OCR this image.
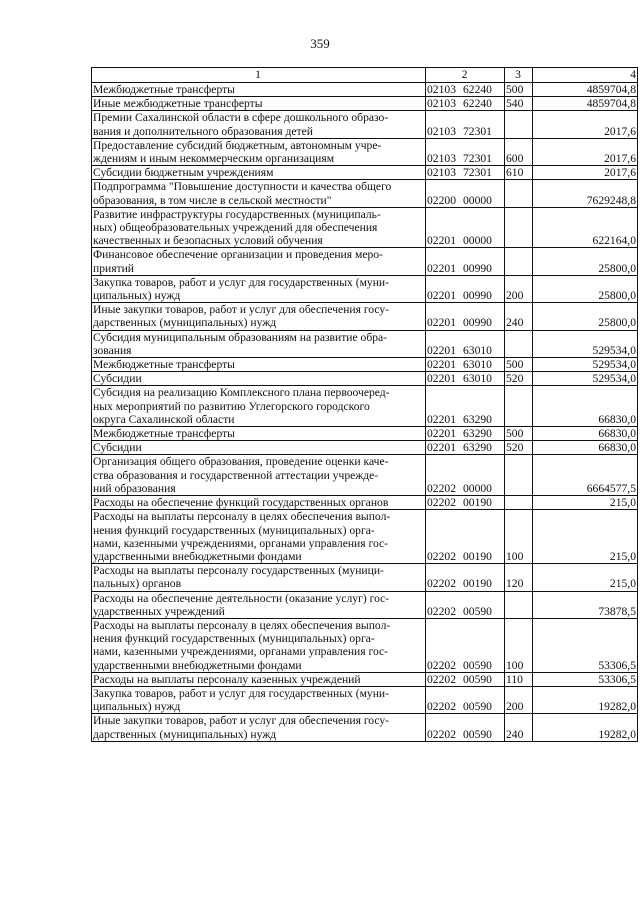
359
1	2	3	4

Межбюджетные трансферты	02103 62240	500	4859704,8

Иные межбюджетные трансферты	02103 62240	540	4859704,8

Премии Сахалинской области в сфере дошкольного образо-
вания и дополнительного образования детей	02103 72301		2017,6

Предоставление субсидий бюджетным, автономным учре-
ждениям и иным некоммерческим организациям	02103 72301	600	2017,6

Субсидии бюджетным учреждениям	02103 72301	610	2017,6

Подпрограмма "Повышение доступности и качества общего
образования, в том числе в сельской местности"	02200 00000		7629248,8

Развитие инфраструктуры государственных (муниципаль-
ных) общеобразовательных учреждений для обеспечения
качественных и безопасных условий обучения	02201 00000		622164,0

Финансовое обеспечение организации и проведения меро-
приятий	02201 00990		25800,0

Закупка товаров, работ и услуг для государственных (муни-
ципальных) нужд	02201 00990	200	25800,0

Иные закупки товаров, работ и услуг для обеспечения госу-
дарственных (муниципальных) нужд	02201 00990	240	25800,0

Субсидия муниципальным образованиям на развитие обра-
зования	02201 63010		529534,0

Межбюджетные трансферты	02201 63010	500	529534,0

Субсидии	02201 63010	520	529534,0

Субсидия на реализацию Комплексного плана первоочеред-
ных мероприятий по развитию Углегорского городского
округа Сахалинской области	02201 63290		66830,0

Межбюджетные трансферты	02201 63290	500	66830,0

Субсидии	02201 63290	520	66830,0

Организация общего образования, проведение оценки каче-
ства образования и государственной аттестации учрежде-
ний образования	02202 00000		6664577,5

Расходы на обеспечение функций государственных органов	02202 00190		215,0

Расходы на выплаты персоналу в целях обеспечения выпол-
нения функций государственных (муниципальных) орга-
нами, казенными учреждениями, органами управления гос-
ударственными внебюджетными фондами	02202 00190	100	215,0

Расходы на выплаты персоналу государственных (муници-
пальных) органов	02202 00190	120	215,0

Расходы на обеспечение деятельности (оказание услуг) гос-
ударственных учреждений	02202 00590		73878,5

Расходы на выплаты персоналу в целях обеспечения выпол-
нения функций государственных (муниципальных) орга-
нами, казенными учреждениями, органами управления гос-
ударственными внебюджетными фондами	02202 00590	100	53306,5

Расходы на выплаты персоналу казенных учреждений	02202 00590	110	53306,5

Закупка товаров, работ и услуг для государственных (муни-
ципальных) нужд	02202 00590	200	19282,0

Иные закупки товаров, работ и услуг для обеспечения госу-
дарственных (муниципальных) нужд	02202 00590	240	19282,0
